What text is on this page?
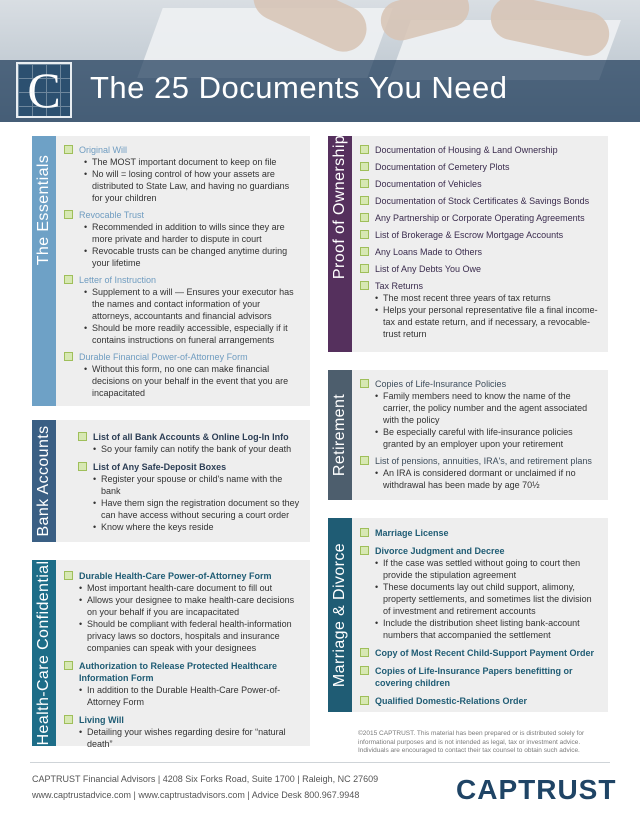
C The 25 Documents You Need
The Essentials
Original Will
• The MOST important document to keep on file
• No will = losing control of how your assets are distributed to State Law, and having no guardians for your children
Revocable Trust
• Recommended in addition to wills since they are more private and harder to dispute in court
• Revocable trusts can be changed anytime during your lifetime
Letter of Instruction
• Supplement to a will — Ensures your executor has the names and contact information of your attorneys, accountants and financial advisors
• Should be more readily accessible, especially if it contains instructions on funeral arrangements
Durable Financial Power-of-Attorney Form
• Without this form, no one can make financial decisions on your behalf in the event that you are incapacitated
Bank Accounts	List of all Bank Accounts & Online Log-In Info
• So your family can notify the bank of your death
List of Any Safe-Deposit Boxes
• Register your spouse or child's name with the bank
• Have them sign the registration document so they can have access without securing a court order
• Know where the keys reside
Health-Care Confidential	Durable Health-Care Power-of-Attorney Form
• Most important health-care document to fill out
• Allows your designee to make health-care decisions on your behalf if you are incapacitated
• Should be compliant with federal health-information privacy laws so doctors, hospitals and insurance companies can speak with your designees
Authorization to Release Protected Healthcare Information Form
• In addition to the Durable Health-Care Power-of-Attorney Form
Living Will
• Detailing your wishes regarding desire for “natural death”
Proof of Ownership	Documentation of Housing & Land Ownership
Documentation of Cemetery Plots
Documentation of Vehicles
Documentation of Stock Certificates & Savings Bonds
Any Partnership or Corporate Operating Agreements
List of Brokerage & Escrow Mortgage Accounts
Any Loans Made to Others
List of Any Debts You Owe
Tax Returns
• The most recent three years of tax returns
• Helps your personal representative file a final income-tax and estate return, and if necessary, a revocable-trust return
Retirement
Copies of Life-Insurance Policies
• Family members need to know the name of the carrier, the policy number and the agent associated with the policy
• Be especially careful with life-insurance policies granted by an employer upon your retirement
List of pensions, annuities, IRA's, and retirement plans
• An IRA is considered dormant or unclaimed if no withdrawal has been made by age 70½
Marriage & Divorce
Marriage License
Divorce Judgment and Decree
• If the case was settled without going to court then provide the stipulation agreement
• These documents lay out child support, alimony, property settlements, and sometimes list the division of investment and retirement accounts
• Include the distribution sheet listing bank-account numbers that accompanied the settlement
Copy of Most Recent Child-Support Payment Order
Copies of Life-Insurance Papers benefitting or covering children
Qualified Domestic-Relations Order
©2015 CAPTRUST. This material has been prepared or is distributed solely for informational purposes and is not intended as legal, tax or investment advice. Individuals are encouraged to contact their tax counsel to obtain such advice.
CAPTRUST Financial Advisors | 4208 Six Forks Road, Suite 1700 | Raleigh, NC 27609
www.captrustadvice.com | www.captrustadvisors.com | Advice Desk 800.967.9948	CAPTRUST
